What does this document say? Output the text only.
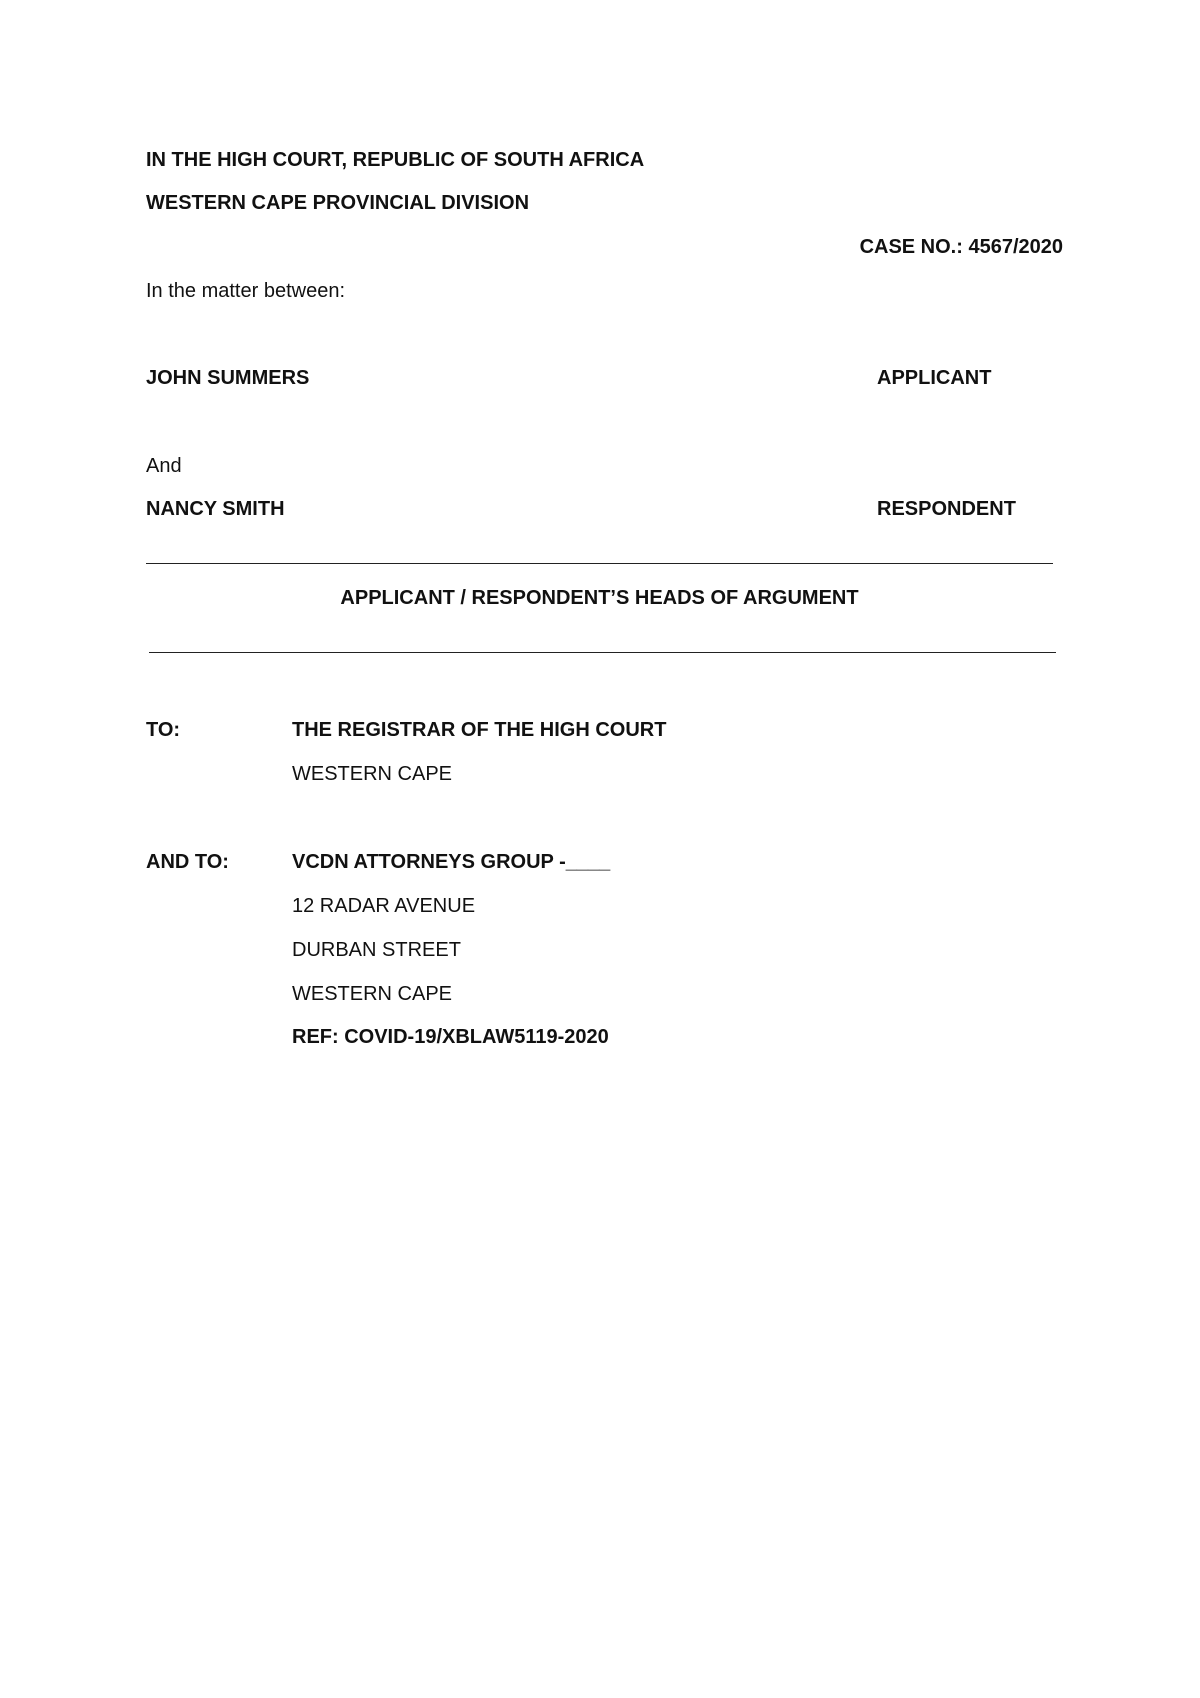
IN THE HIGH COURT, REPUBLIC OF SOUTH AFRICA
WESTERN CAPE PROVINCIAL DIVISION
CASE NO.: 4567/2020
In the matter between:
JOHN SUMMERS	APPLICANT
And
NANCY SMITH	RESPONDENT
APPLICANT / RESPONDENT’S HEADS OF ARGUMENT
TO:	THE REGISTRAR OF THE HIGH COURT
WESTERN CAPE
AND TO:	VCDN ATTORNEYS GROUP -____
12 RADAR AVENUE
DURBAN STREET
WESTERN CAPE
REF: COVID-19/XBLAW5119-2020
